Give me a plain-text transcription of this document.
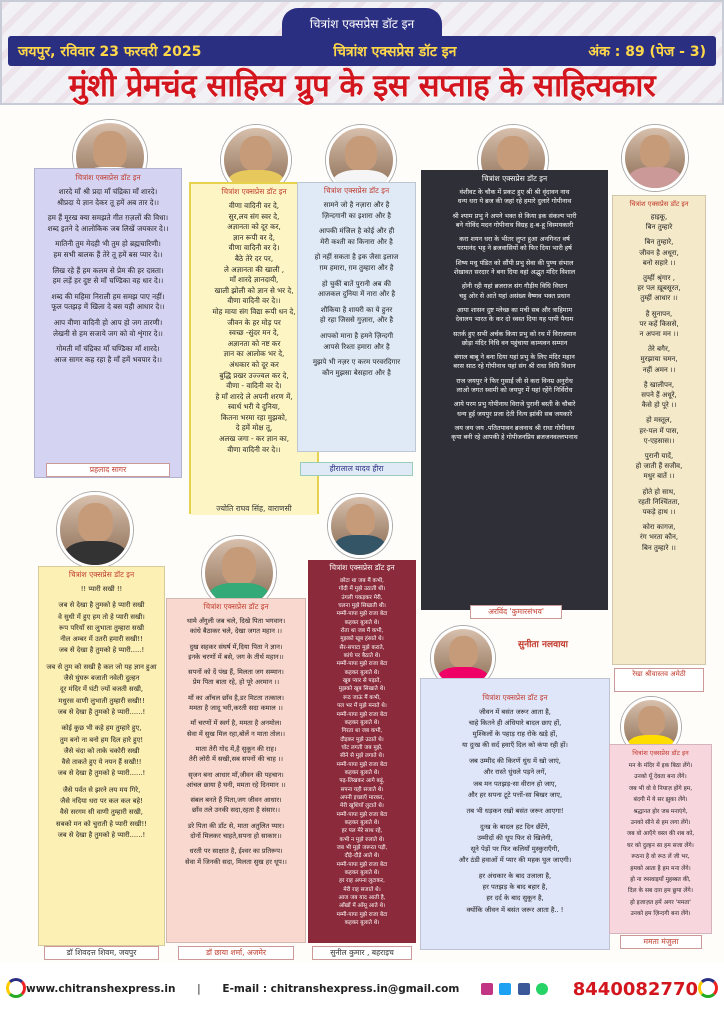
चित्रांश एक्सप्रेस डॉट इन
जयपुर, रविवार 23 फरवरी 2025	चित्रांश एक्सप्रेस डॉट इन	अंक : 89 (पेज - 3)
मुंशी प्रेमचंद साहित्य ग्रुप के इस सप्ताह के साहित्यकार
चित्रांश एक्सप्रेस डॉट इन
शारदे माँ श्री प्रदा माँ चंद्रिका माँ शारदे।
श्रीप्रदा ये ज्ञान देकर तू हमें अब तार दे।।
हम हैं मूरख क्या समझते गीत ग़ज़लों की विधा।
शब्द इतने दे आलोकिक जब लिखें जयकार दे।।
मातिनी तुम मेदही भी तुम हो ब्रह्मचारिणी।
हम सभी बालक हैं तेरे तू हमें बस प्यार दे।।
लिख रहे हैं हम कलम से प्रेम की हर दास्ता।
हम लड़ें हर दुष्ट से माँ चण्डिका वह धार दे।।
शब्द की महिमा निराली हम समझ पाए नहीं।
फूल पतझड़ में खिला दे बस यही आधार दे।।
आप वीणा वादिनी हो आप हो जग तारणी।
लेखनी से हम सजाये जग को वो शृंगार दे।।
गोमती माँ चंद्रिका माँ चण्डिका माँ शारदे।
आज सागर कह रहा है माँ हमें भवपार दे।।
प्रहलाद सागर
चित्रांश एक्सप्रेस डॉट इन
वीणा वादिनी वर दे,
सुर,लय संग स्वर दे,
अज्ञानता को दूर कर,
ज्ञान रूपी वर दे,
वीणा वादिनी वर दे।
बैठे तेरे दर पर,
ले अज्ञानता की खाली ,
माँ शारदे ज्ञानदायी,
खाली झोली को ज्ञान से भर दे,
वीणा वादिनी वर दे।।
मोह माया संग विद्या रूपी धन दे,
जीवन के हर मोड़ पर
स्वच्छ -सुंदर मन दे,
अज्ञानता को नष्ट कर
ज्ञान का आलोक भर दे,
अंधकार को दूर कर
बुद्धि प्रखर उज्ज्वल कर दे,
वीणा - वादिनी वर दे।
हे माँ शारदे ले अपनी शरण में,
स्वार्थ भरी ये दुनिया,
कितना भरमा रहा मुझको,
दे हमें मोक्ष तू,
अलख जगा - कर ज्ञान का,
वीणा वादिनी वर दे।।
ज्योति राघव सिंह, वाराणसी
चित्रांश एक्सप्रेस डॉट इन
सामने जो है नज़ारा और है
ज़िन्दगानी का इशारा और है
आपकी मंजिल है कोई और ही
मेरी कश्ती का किनारा और है
हो नहीं सकता है इक जैसा इलाज
ग़म हमारा, ग़म तुम्हारा और है
हो चुकीं बातें पुरानी अब की
आजकल दुनिया में नारा और है
शौकिया है शायरी का ये हुनर
हो रहा जिससे गुज़ारा, और है
आपको माना है हमने ज़िन्दगी
आपसे रिश्ता हमारा और है
मुझपे भी नज़र ए करम परवरदिगार
कौन मुझसा बेसहारा और है
हीरालाल यादव हीरा
चित्रांश एक्सप्रेस डॉट इन
वंशीवट के चौक में प्रकट हुए श्री श्री वृंदावन नाथ
धन्य धरा ये ब्रज की जहां रहे हमारे दुलारे गोपीनाथ
श्री श्याम प्रभु ने अपने भक्त से किया इक संकल्प भारी
बने गोविंद मदन गोपीनाथ विग्रह हृ-ब-हू विस्मयकारी
करा शयन धरा के भीतर लुप्त हुआ अनगिनत वर्ष
परमानंद भट्ट ने ब्रजवासियों को फिर दिया भारी हर्ष
शिष्य मधु पंडित को सौंपी प्रभु सेवा की पुण्य संभाल
शेखावत सरदार ने बना दिया वहां अद्भुत मंदिर विशाल
होनी रही यहां ब्रजराज संग गौड़ीय विधि विधान
चहु ओर से आते यहां असंख्य वैष्णव भक्त प्रधान
आया शासन दुष्ट म्लेच्छ का मची सब और त्राहिमाम
देवालय भारत के कर दो ध्वस्त दिया यह पापी पैगाम
सतर्क हुए सभी अर्चक किया प्रभु को रथ में विराजमान
छोड़ा मंदिर निधि वन पहुंचाया काम्यवन सम्मान
बंगाल बाबू ने बना दिया यहां प्रभु के लिए मंदिर महान
बरस साठ रहे गोपीनाथ यहां संग श्री राधा विधि विधान
राज जयपुर ने फिर गुसाईं जी से करा विनम्र अनुरोध
लाओ जगत स्वामी को जयपुर में यहां रहेंगे निर्विरोध
आये परम प्रभु गोपीनाथ विराजे पुरानी बस्ती के चौबारे
धन्य हुई जयपुर प्रजा देती नित्य झांकी सब जयकारे
जय जय जय .पतितपावन ब्रजनाथ श्री राधा गोपीनाथ
कृपा बनी रहे आपकी हे गोपीजनप्रिय ब्रजजनवल्लभनाथ
अरविंद 'कुमारसंभव'
चित्रांश एक्सप्रेस डॉट इन
हाइकू,
बिन तुम्हारे
बिन तुम्हारे,
जीवन है अधूरा,
बनो सहारे ।।
तुम्हीं श्रृंगार ,
हर पल ख़ूबसूरत,
तुम्हीं आधार ।।
है सुनापन,
पर कहें किससे,
न अपना मन ।।
तेरे बगैर,
मुरझाया चमन,
नहीं अमन ।।
है खालीपन,
सपने हैं अधूरे,
कैसे हो पूरे ।।
हो मस्तूल,
हर-पल में पास,
ए-एहसास।।
पुरानी यादें,
हो जाती हैं सजीव,
मधुर बातें ।।
होते हो साथ,
रहती निश्चिंतता,
पकड़े हाथ ।।
कोरा कागज,
रंग भरता कौन,
बिन तुम्हारे ।।
रेखा श्रीवास्तव अमेठी
चित्रांश एक्सप्रेस डॉट इन
!! प्यारी सखी !!
जब से देखा है तुमको हे प्यारी सखी
वे सुधी में हुए हम तो हे प्यारी सखी।
रूप परियाँ सा लुभाता तुम्हारा सखी
नील अम्बर में उतरी हमारी सखी!!
जब से देखा है तुमको हे प्यारी.....!
जब से तुम को सखी है कल जो यह ज्ञान हुआ
जैसे घुंघरू बजाती नवेली दुल्हन
दूर मंदिर में घंटी ज्यों बजती सखी,
मधुरस वाणी लुभाती तुम्हारी सखी!!
जब से देखा है तुमको हे प्यारी......!
कोई कुछ भी कहे हम तुम्हारे हुए,
तुम बनो ना बनो हम दिल हारे हुए!
जैसे चंदा को ताके चकोरी सखी
वैसे ताकते हुए ये नयन हैं सखी!!
जब से देखा है तुमको हे प्यारी......!
जैसे पर्वत से झरने लय मय गिरे,
जैसे नदिया धरा पर कल कल बहे!
वैसे सरगम सी वाणी तुम्हारी सखी,
सबको मन को चुराती हे प्यारी सखी!!
जब से देखा है तुमको हे प्यारी......!
डॉ शिवदत्त शिवम, जयपुर
चित्रांश एक्सप्रेस डॉट इन
थामे अँगुली जब चले, दिखे पिता भगवान।
कांधे बैठाकर चले, देखा जगत महान ।।
दुख सहकर संघर्ष में,दिया पिता ने ज्ञान।
इनके चरणों में बसे, जग के तीर्थ महान।।
सपनों को दें पंख हैं, मिलता जग सम्मान।
प्रेम पिता बाता रहे, हो पूरे अरमान ।।
माँ का आँचल छाँव है,डर मिटता तत्काल।
ममता है जादू भरी,करती सदा कमाल ।।
माँ चरणों में स्वर्ग है, ममता है अनमोल।
सेवा में सुख मिल रहा,बोलें न माता तोल।।
माता तेरी गोद में,है सुकून की राह।
तेरी लोरी में सखी,सब सपनों की चाह ।।
सृजन बना आधार माँ,जीवन की पहचान।
आंचल छाया है घनी, ममता रहे दिनमान ।।
संबल बनते हैं पिता,जग जीवन आधार।
छाँव तले उनकी सदा,रहता है संसार।।
डरे पिता की डाँट से, माता अतुलित प्यार।
दोनों मिलकर चाहते,सपना हो साकार।।
धरती पर साक्षात है, ईश्वर का प्रतिरूप।
सेवा में जिनकी सदा, मिलता सुख हर धूप।।
डॉ छाया शर्मा, अजमेर
चित्रांश एक्सप्रेस डॉट इन
छोटा था जब मैं कभी,
गोदी में मुझे उठाती थी।
उंगली पकड़कर मेरी,
चलना मुझे सिखाती थी।
मम्मी-पापा मुझे राजा बेटा
कहकर बुलाते थे।
रोता था जब मैं कभी,
मुझको खूब हंसाते थे।
सैर-सपाटा मुझे कराते,
कांधे पर बैठाते थे।
मम्मी-पापा मुझे राजा बेटा
कहकर बुलाते थे।
खूब प्यार से पढ़ाते,
मुझको खूब सिखाते थे।
रूठ जाऊं मैं कभी,
पल भर में मुझे मनाते थे।
मम्मी-पापा मुझे राजा बेटा
कहकर बुलाते थे।
गिरता था जब कभी,
दौड़कर मुझे उठाते थे।
चोट लगती जब मुझे,
सीने से मुझे लगाते थे।
मम्मी-पापा मुझे राजा बेटा
कहकर बुलाते थे।
पढ़-लिखकर आगे बढ़ूं,
सपना यही सजाते थे।
अपनी इच्छाएँ मारकर,
मेरी खुशियाँ लुटाते थे।
मम्मी-पापा मुझे राजा बेटा
कहकर बुलाते थे।
हर पल मेरे साथ रहे,
कभी न मुझे रुलाते थे।
जब भी मुझे जरूरत पड़ी,
दौड़े-दौड़े आते थे।
मम्मी-पापा मुझे राजा बेटा
कहकर बुलाते थे।
हर राह अपना लुटाकर,
मेरी राह सजाते थे।
आज जब याद आती है,
आँखों में आँसू आते थे।
मम्मी-पापा मुझे राजा बेटा
कहकर बुलाते थे।
सुनील कुमार , बहराइच
सुनीता नलवाया
चित्रांश एक्सप्रेस डॉट इन
जीवन में बसंत जरूर आता है,
चाहे कितने ही अंधियारे बादल छाए हों,
मुश्किलों के पहाड़ राह रोके खड़े हों,
या दुःख की सर्द हवाएँ दिल को कंपा रही हों।
जब उम्मीद की किरणें धुंध में खो जाएं,
और रास्ते धुंधले पड़ने लगें,
जब मन पतझड़-सा वीरान हो जाए,
और हर सपना टूटे पत्तों-सा बिखर जाए,
तब भी धड़कन रखो बसंत जरूर आएगा!
दुःख के बादल हट दिन छँटेंगे,
उम्मीदों की धूप फिर से खिलेगी,
सूने पेड़ों पर फिर कलियाँ मुस्कुराएँगी,
और ठंडी हवाओं में प्यार की महक घुल जाएगी।
हर अंधकार के बाद उजाला है,
हर पतझड़ के बाद बहार है,
हर दर्द के बाद सुकून है,
क्योंकि जीवन में बसंत जरूर आता है.. !
चित्रांश एक्सप्रेस डॉट इन
मन के मंदिर में इक बिठा लेंगे।
उनको यूँ देवता बना लेंगे।
जब भी वो वे नियाज़ होंगे हम,
बंदगी में ये सर झुका लेंगे।
श्रद्धानत होर जब मनाएंगे,
उनको सीने से हम लगा लेंगे।
जब वो आएँगे वस्ल की शब को,
घर को दुल्हन सा हम सजा लेंगे।
रूठना है वो रूठ लें जी भर,
हमको आता है हम मना लेंगे।
हो ना रुसवाइयाँ मुहब्बत की,
दिल के सब दाग़ हम छुपा लेंगे।
हो इजाज़त हमें अगर 'ममता'
उनको हम ज़िन्दगी बना लेंगे।
ममता मंजुला
www.chitranshexpress.in | E-mail : chitranshexpress.in@gmail.com
	8440082770
